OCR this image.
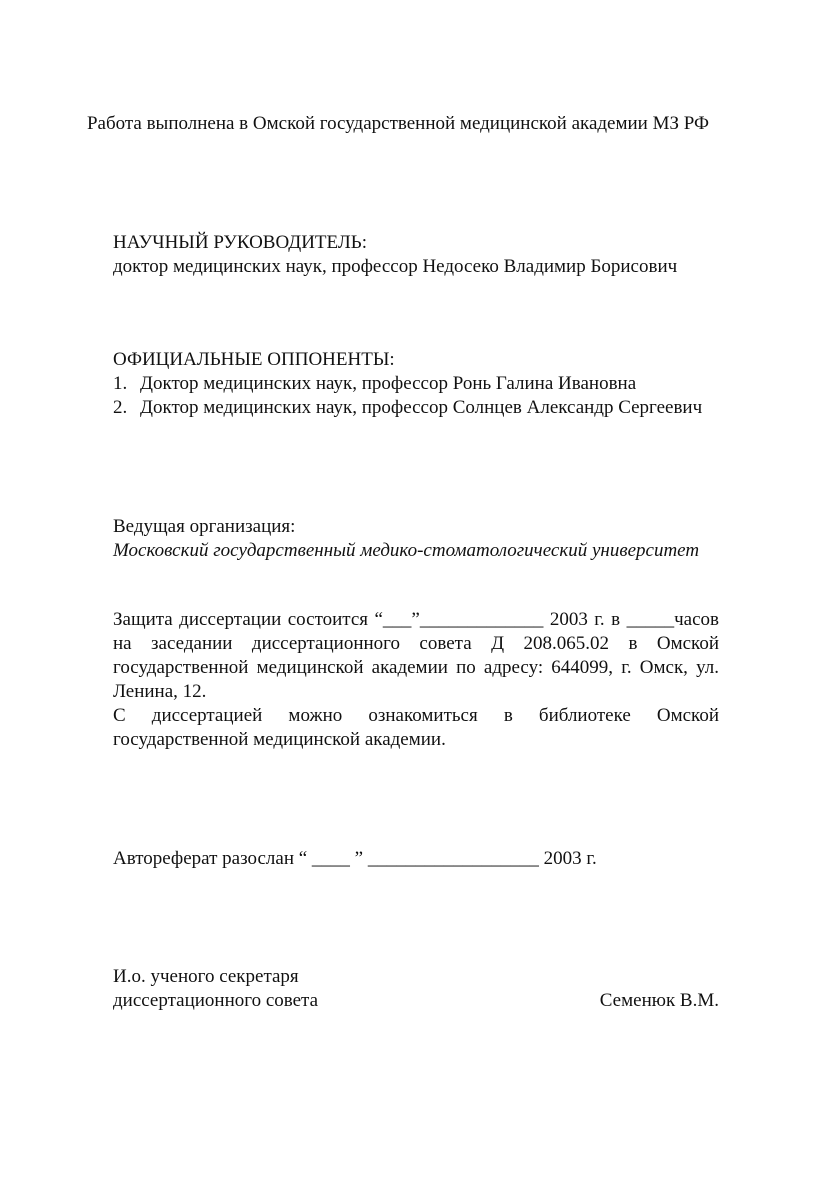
Работа выполнена в Омской государственной медицинской академии МЗ РФ
НАУЧНЫЙ РУКОВОДИТЕЛЬ:
доктор медицинских наук, профессор Недосеко Владимир Борисович
ОФИЦИАЛЬНЫЕ ОППОНЕНТЫ:
1. Доктор медицинских наук, профессор Ронь Галина Ивановна
2. Доктор медицинских наук, профессор Солнцев Александр Сергеевич
Ведущая организация:
Московский государственный медико-стоматологический университет
Защита диссертации состоится “___”_____________ 2003 г. в _____часов
на заседании диссертационного совета Д 208.065.02 в Омской
государственной медицинской академии по адресу: 644099, г. Омск, ул.
Ленина, 12.
С диссертацией можно ознакомиться в библиотеке Омской
государственной медицинской академии.
Автореферат разослан “ ____ ” __________________ 2003 г.
И.о. ученого секретаря
диссертационного совета	Семенюк В.М.
